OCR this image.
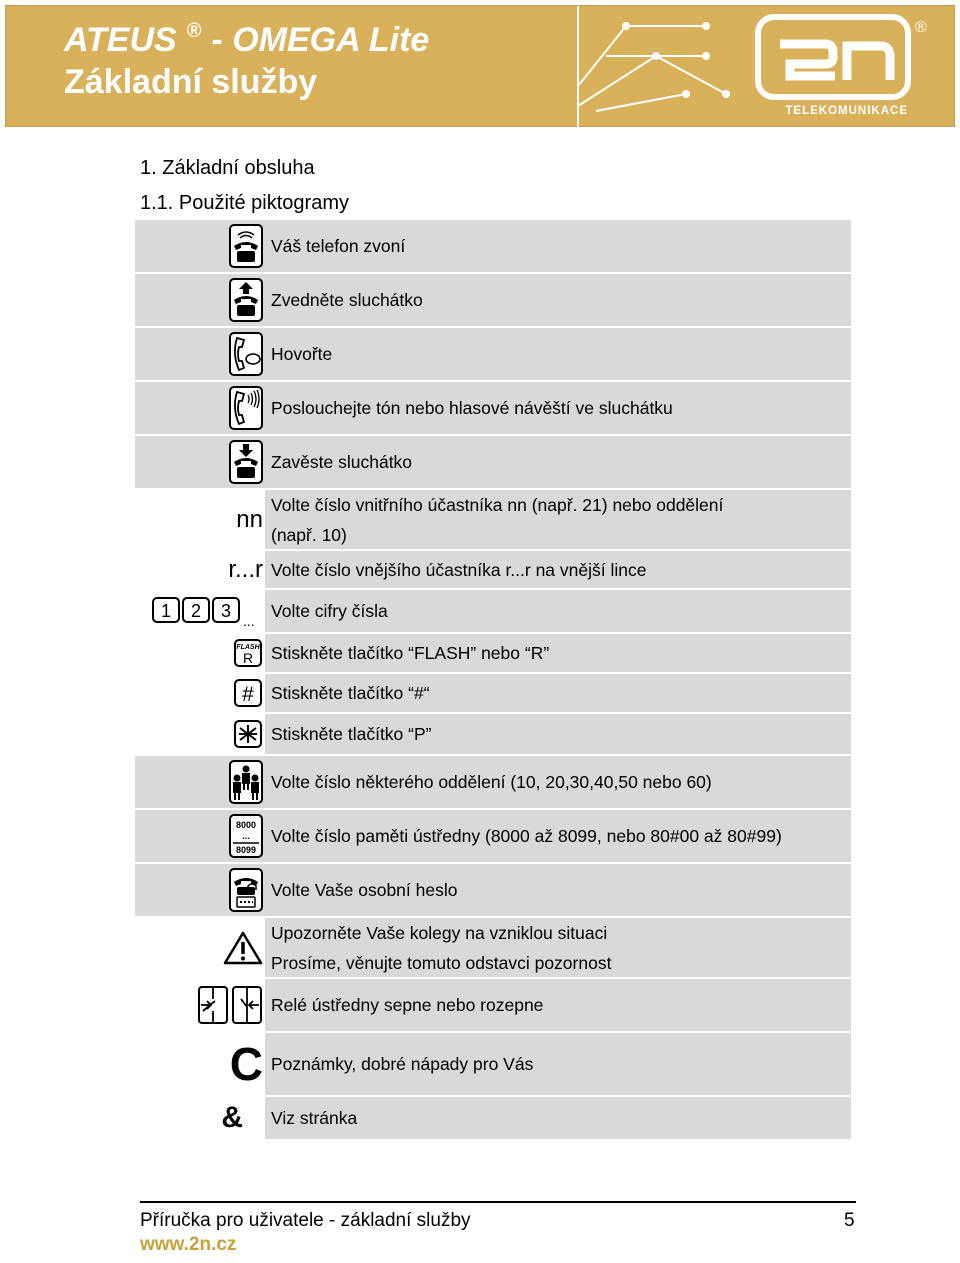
ATEUS ® - OMEGA Lite
Základní služby
®
TELEKOMUNIKACE
1. Základní obsluha
1.1. Použité piktogramy
Váš telefon zvoní
Zvedněte sluchátko
Hovořte
Poslouchejte tón nebo hlasové návěští ve sluchátku
Zavěste sluchátko
nn
Volte číslo vnitřního účastníka nn (např. 21) nebo oddělení
(např. 10)
r...r Volte číslo vnějšího účastníka r...r na vnější lince
1 2 3 ... Volte cifry čísla
FLASH
R Stiskněte tlačítko “FLASH” nebo “R”
# Stiskněte tlačítko “#“
Stiskněte tlačítko “P”
Volte číslo některého oddělení (10, 20,30,40,50 nebo 60)
8000
...
8099
Volte číslo paměti ústředny (8000 až 8099, nebo 80#00 až 80#99)
Volte Vaše osobní heslo
Upozorněte Vaše kolegy na vzniklou situaci
Prosíme, věnujte tomuto odstavci pozornost
Relé ústředny sepne nebo rozepne
C Poznámky, dobré nápady pro Vás
& Viz stránka
Příručka pro uživatele - základní služby	5
www.2n.cz
